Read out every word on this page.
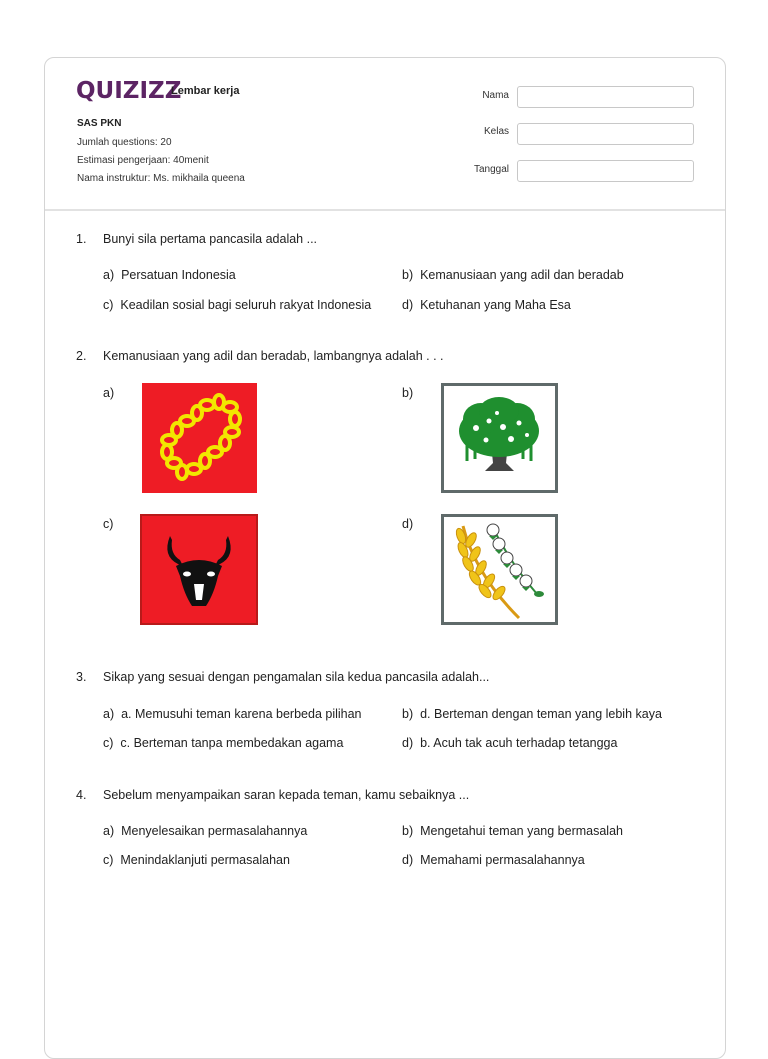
QUIZIZZ
Lembar kerja
SAS PKN
Jumlah questions: 20
Estimasi pengerjaan: 40menit
Nama instruktur: Ms. mikhaila queena
Nama
Kelas
Tanggal
1. Bunyi sila pertama pancasila adalah ...
a) Persatuan Indonesia	b) Kemanusiaan yang adil dan beradab
c) Keadilan sosial bagi seluruh rakyat Indonesia d) Ketuhanan yang Maha Esa
2. Kemanusiaan yang adil dan beradab, lambangnya adalah . . .
a)	b)
c)	d)
3. Sikap yang sesuai dengan pengamalan sila kedua pancasila adalah...
a) a. Memusuhi teman karena berbeda pilihan	b) d. Berteman dengan teman yang lebih kaya
c) c. Berteman tanpa membedakan agama	d) b. Acuh tak acuh terhadap tetangga
4. Sebelum menyampaikan saran kepada teman, kamu sebaiknya ...
a) Menyelesaikan permasalahannya	b) Mengetahui teman yang bermasalah
c) Menindaklanjuti permasalahan	d) Memahami permasalahannya
